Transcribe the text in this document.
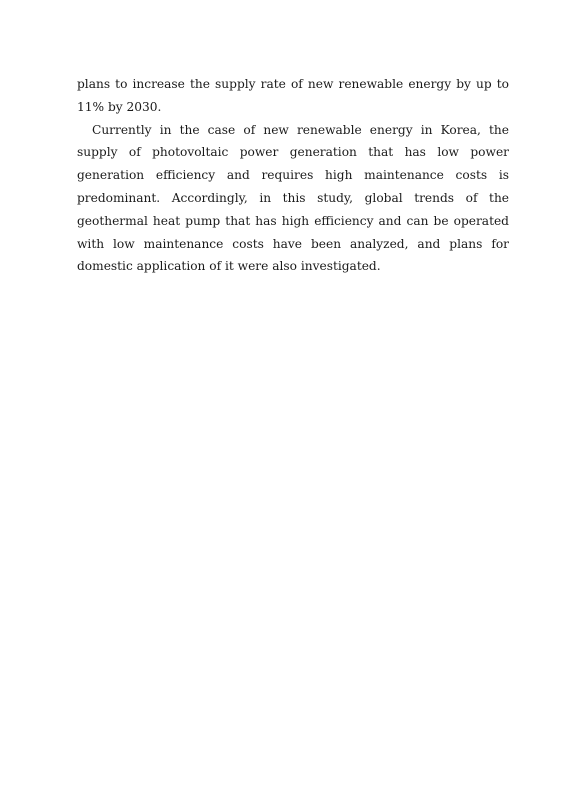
plans to increase the supply rate of new renewable energy by up to 11% by 2030.

Currently in the case of new renewable energy in Korea, the supply of photovoltaic power generation that has low power generation efficiency and requires high maintenance costs is predominant. Accordingly, in this study, global trends of the geothermal heat pump that has high efficiency and can be operated with low maintenance costs have been analyzed, and plans for domestic application of it were also investigated.
